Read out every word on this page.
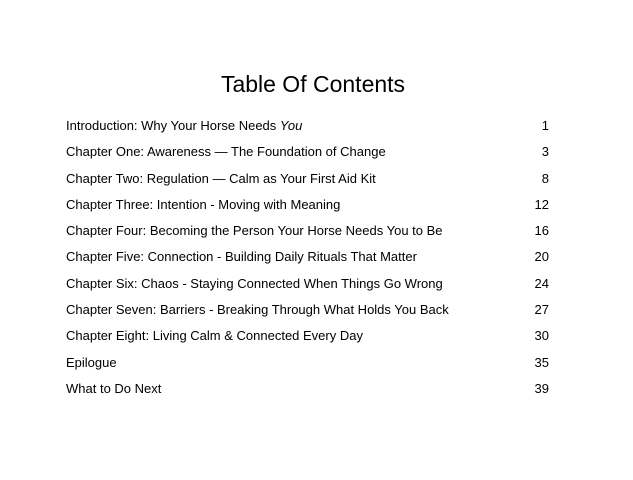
Table Of Contents
Introduction: Why Your Horse Needs You	1
Chapter One: Awareness — The Foundation of Change	3
Chapter Two: Regulation — Calm as Your First Aid Kit	8
Chapter Three: Intention - Moving with Meaning	12
Chapter Four: Becoming the Person Your Horse Needs You to Be	16
Chapter Five: Connection - Building Daily Rituals That Matter	20
Chapter Six: Chaos - Staying Connected When Things Go Wrong	24
Chapter Seven: Barriers - Breaking Through What Holds You Back	27
Chapter Eight: Living Calm & Connected Every Day	30
Epilogue	35
What to Do Next	39
